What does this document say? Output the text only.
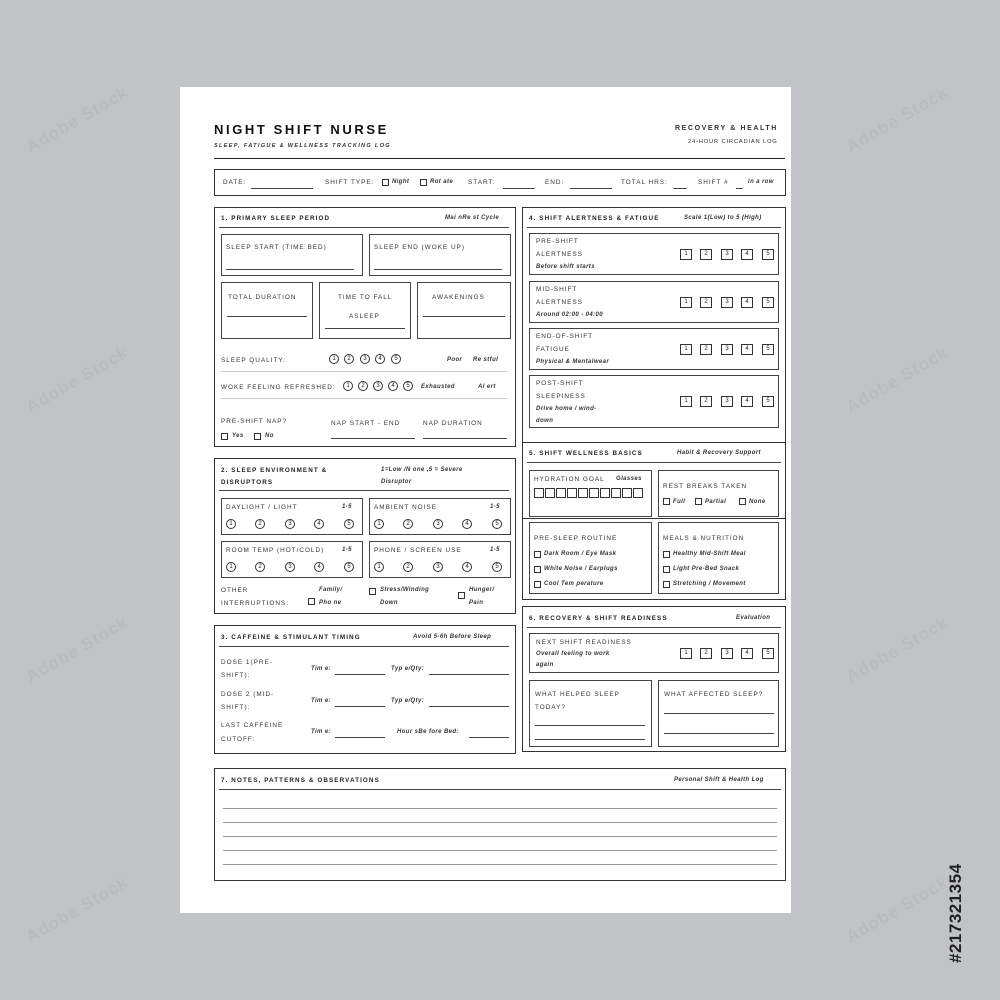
#217321354
NIGHT SHIFT NURSE
SLEEP, FATIGUE & WELLNESS TRACKING LOG
RECOVERY & HEALTH
24-HOUR CIRCADIAN LOG
DATE:	SHIFT TYPE:	Night	Rot ate START:	END:	TOTAL HRS:	SHIFT #	in a row
1. PRIMARY SLEEP PERIOD	Mai nRe st Cycle
SLEEP START (TIME BED)	SLEEP END (WOKE UP)
TOTAL DURATION	TIME TO FALL
ASLEEP
AWAKENINGS
SLEEP QUALITY:	1	2	3	4	5	Poor Re stful
WOKE FEELING REFRESHED:	1	2	3	4	5	Exhausted	Al ert
PRE-SHIFT NAP?
Yes	No
NAP START - END	NAP DURATION
2. SLEEP ENVIRONMENT &
DISRUPTORS
1=Low /N one ,5 = Severe
Disruptor
DAYLIGHT / LIGHT	1-5
1	2	3	4	5
AMBIENT NOISE	1-5
1	2	3	4	5
ROOM TEMP (HOT/COLD)	1-5
1	2	3	4	5
PHONE / SCREEN USE	1-5
1	2	3	4	5
OTHER
INTERRUPTIONS:
Family/
Pho ne
Stress/Winding
Down
Hunger/
Pain
3. CAFFEINE & STIMULANT TIMING	Avoid 5-6h Before Sleep
DOSE 1(PRE-
SHIFT):
Tim e:	Typ e/Qty:
DOSE 2 (MID-
SHIFT):
Tim e:	Typ e/Qty:
LAST CAFFEINE
CUTOFF:
Tim e:	Hour sBe fore Bed:
4. SHIFT ALERTNESS & FATIGUE	Scale 1(Low) to 5 (High)
PRE-SHIFT
ALERTNESS
Before shift starts
1	2	3	4	5
MID-SHIFT
ALERTNESS
Around 02:00 - 04:00
1	2	3	4	5
END-OF-SHIFT
FATIGUE
Physical & Mentalwear
1	2	3	4	5
POST-SHIFT
SLEEPINESS
Drive home / wind-
down
1	2	3	4	5
5. SHIFT WELLNESS BASICS	Habit & Recovery Support
HYDRATION GOAL Glasses
REST BREAKS TAKEN
Full	Partial	None
PRE-SLEEP ROUTINE
Dark Room / Eye Mask
White Noise / Earplugs
Cool Tem perature
MEALS & NUTRITION
Healthy Mid-Shift Meal
Light Pre-Bed Snack
Stretching / Movement
6. RECOVERY & SHIFT READINESS	Evaluation
NEXT SHIFT READINESS
Overall feeling to work
again
1	2	3	4	5
WHAT HELPED SLEEP
TODAY?
WHAT AFFECTED SLEEP?
7. NOTES, PATTERNS & OBSERVATIONS	Personal Shift & Health Log
